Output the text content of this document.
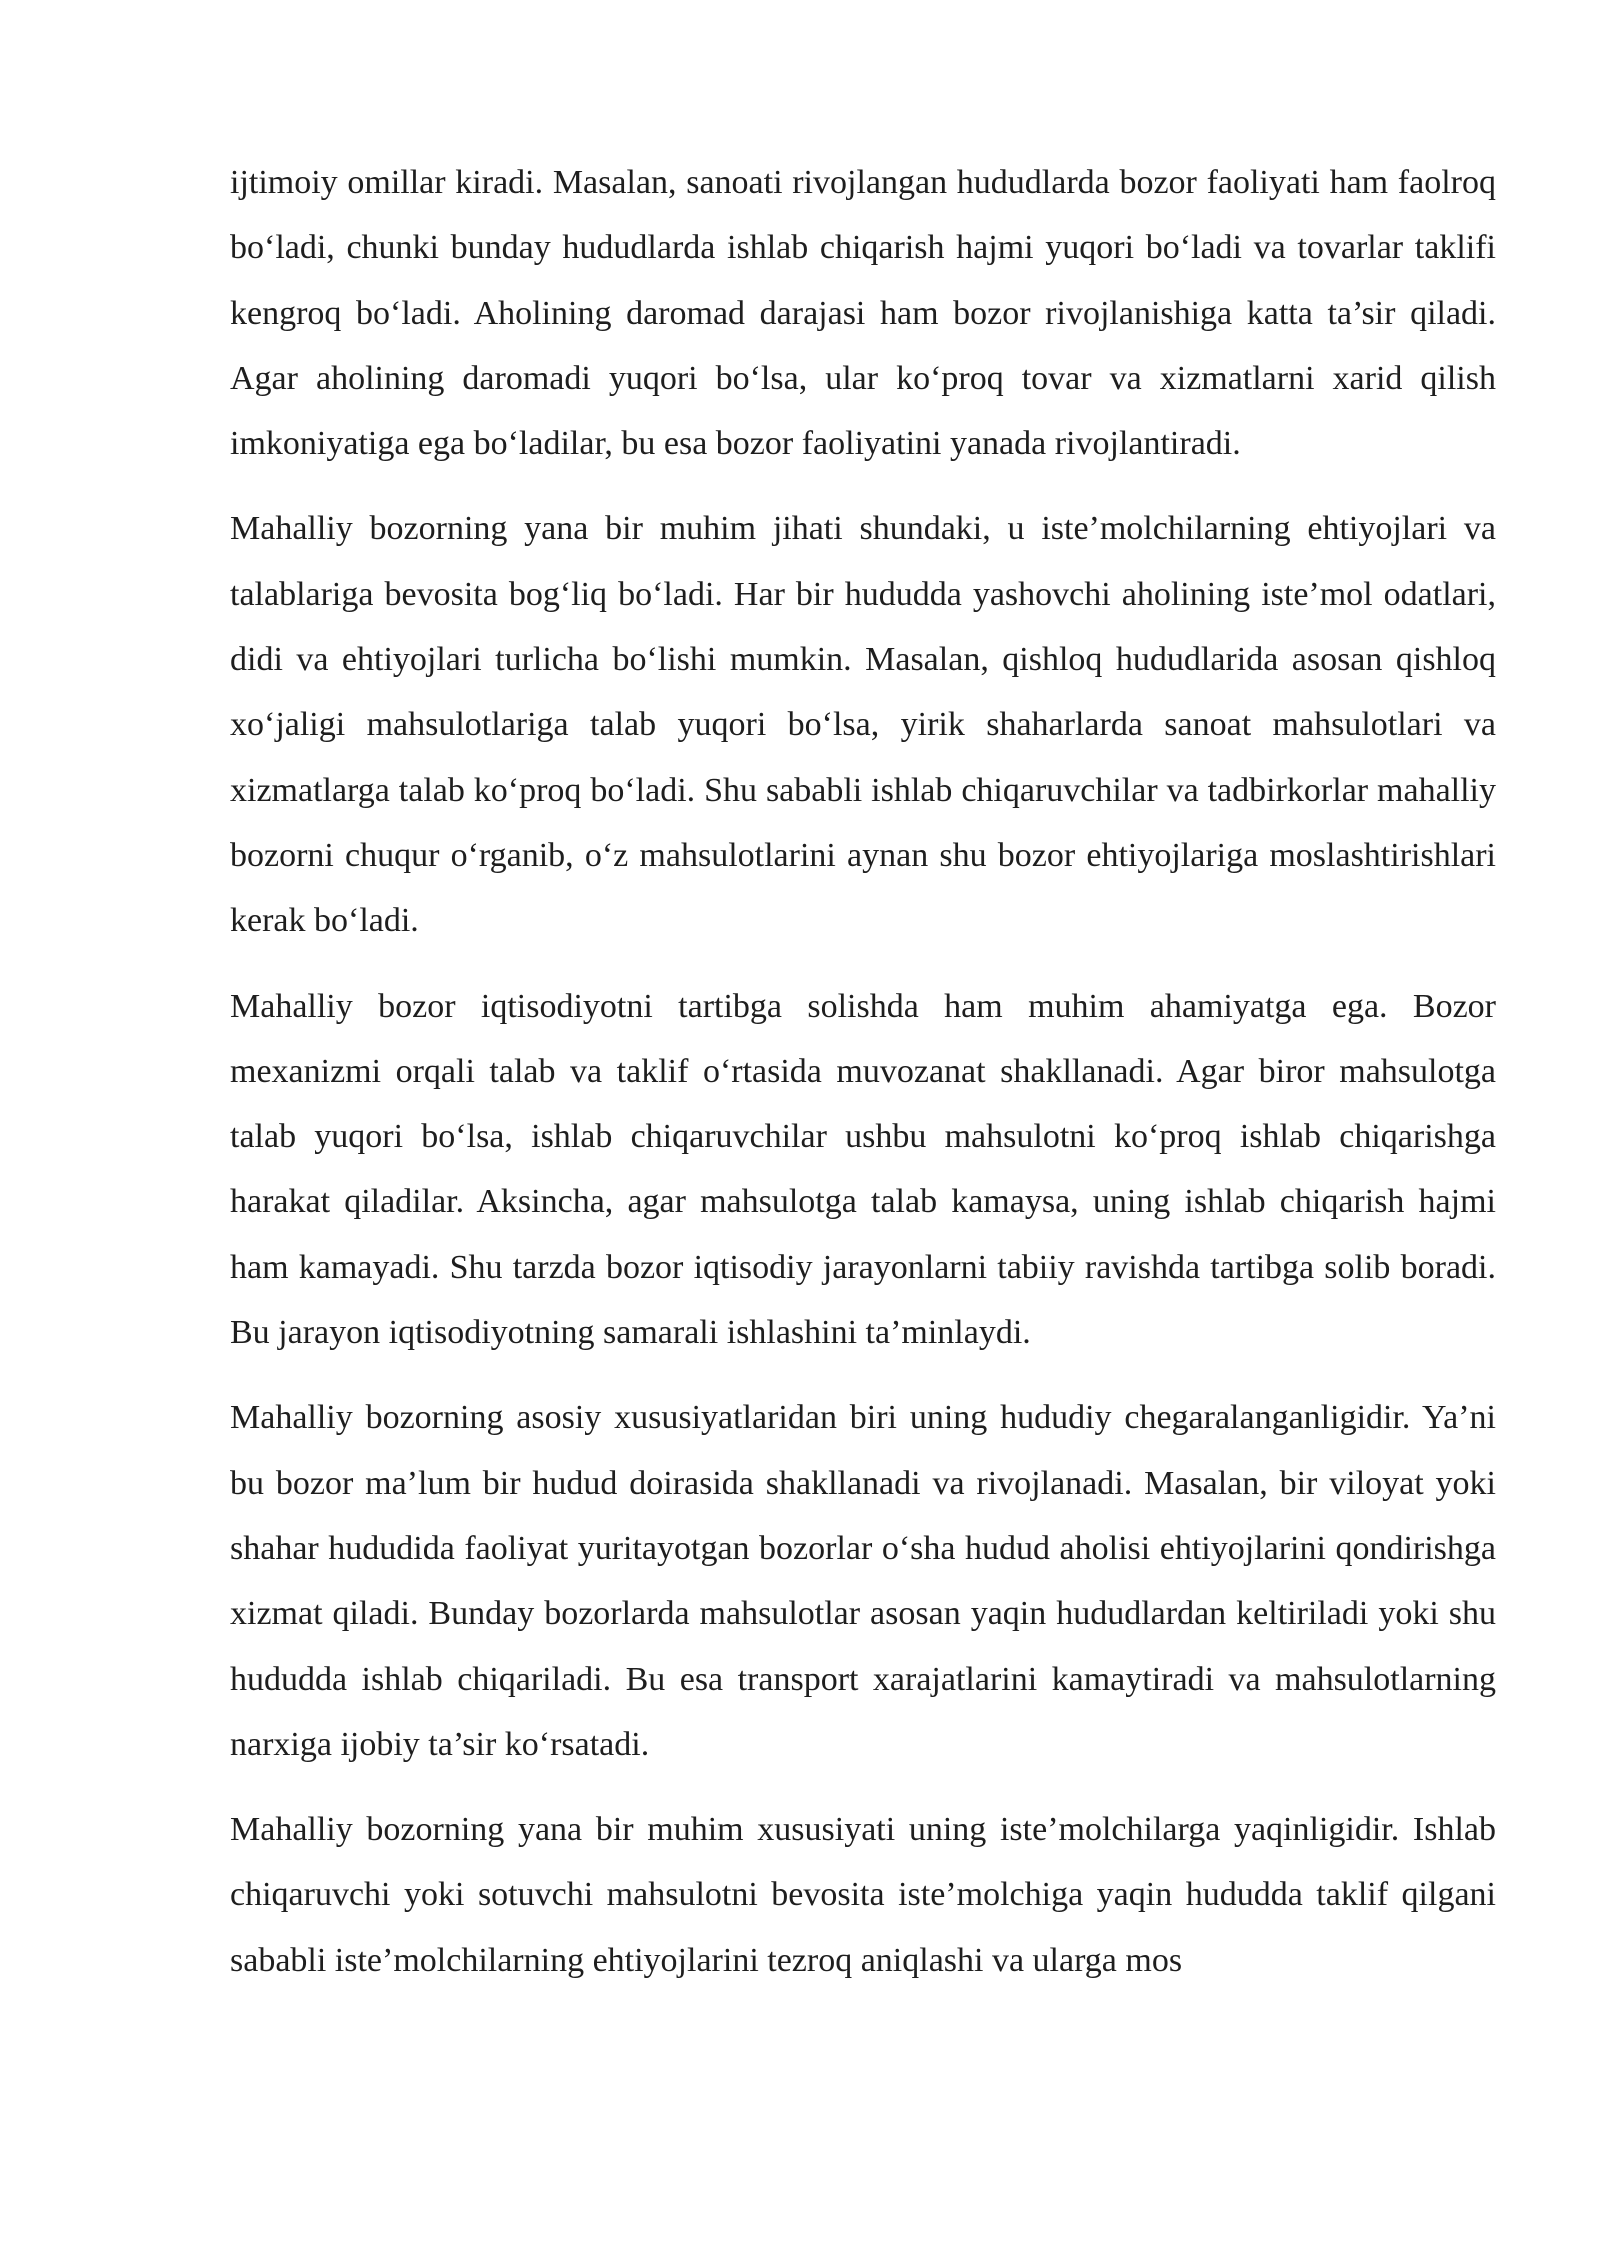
ijtimoiy omillar kiradi. Masalan, sanoati rivojlangan hududlarda bozor faoliyati ham faolroq bo‘ladi, chunki bunday hududlarda ishlab chiqarish hajmi yuqori bo‘ladi va tovarlar taklifi kengroq bo‘ladi. Aholining daromad darajasi ham bozor rivojlanishiga katta ta’sir qiladi. Agar aholining daromadi yuqori bo‘lsa, ular ko‘proq tovar va xizmatlarni xarid qilish imkoniyatiga ega bo‘ladilar, bu esa bozor faoliyatini yanada rivojlantiradi.

Mahalliy bozorning yana bir muhim jihati shundaki, u iste’molchilarning ehtiyojlari va talablariga bevosita bog‘liq bo‘ladi. Har bir hududda yashovchi aholining iste’mol odatlari, didi va ehtiyojlari turlicha bo‘lishi mumkin. Masalan, qishloq hududlarida asosan qishloq xo‘jaligi mahsulotlariga talab yuqori bo‘lsa, yirik shaharlarda sanoat mahsulotlari va xizmatlarga talab ko‘proq bo‘ladi. Shu sababli ishlab chiqaruvchilar va tadbirkorlar mahalliy bozorni chuqur o‘rganib, o‘z mahsulotlarini aynan shu bozor ehtiyojlariga moslashtirishlari kerak bo‘ladi.

Mahalliy bozor iqtisodiyotni tartibga solishda ham muhim ahamiyatga ega. Bozor mexanizmi orqali talab va taklif o‘rtasida muvozanat shakllanadi. Agar biror mahsulotga talab yuqori bo‘lsa, ishlab chiqaruvchilar ushbu mahsulotni ko‘proq ishlab chiqarishga harakat qiladilar. Aksincha, agar mahsulotga talab kamaysa, uning ishlab chiqarish hajmi ham kamayadi. Shu tarzda bozor iqtisodiy jarayonlarni tabiiy ravishda tartibga solib boradi. Bu jarayon iqtisodiyotning samarali ishlashini ta’minlaydi.

Mahalliy bozorning asosiy xususiyatlaridan biri uning hududiy chegaralanganligidir. Ya’ni bu bozor ma’lum bir hudud doirasida shakllanadi va rivojlanadi. Masalan, bir viloyat yoki shahar hududida faoliyat yuritayotgan bozorlar o‘sha hudud aholisi ehtiyojlarini qondirishga xizmat qiladi. Bunday bozorlarda mahsulotlar asosan yaqin hududlardan keltiriladi yoki shu hududda ishlab chiqariladi. Bu esa transport xarajatlarini kamaytiradi va mahsulotlarning narxiga ijobiy ta’sir ko‘rsatadi.

Mahalliy bozorning yana bir muhim xususiyati uning iste’molchilarga yaqinligidir. Ishlab chiqaruvchi yoki sotuvchi mahsulotni bevosita iste’molchiga yaqin hududda taklif qilgani sababli iste’molchilarning ehtiyojlarini tezroq aniqlashi va ularga mos
